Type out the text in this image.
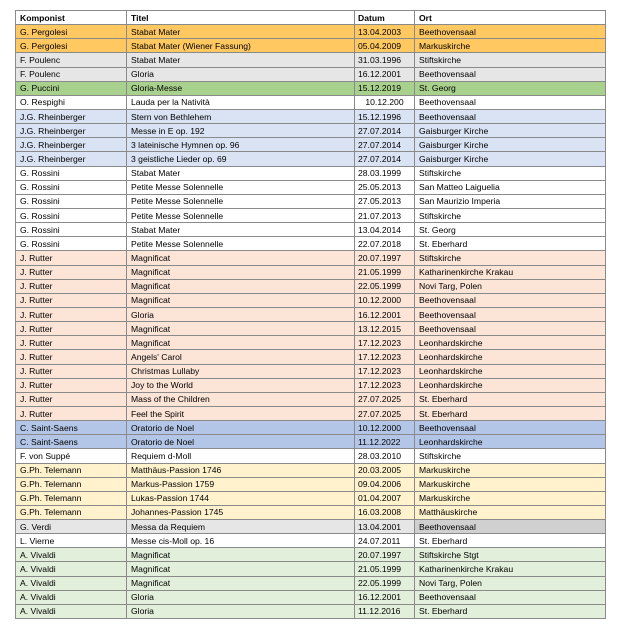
Komponist	Titel	Datum	Ort
G. Pergolesi	Stabat Mater	13.04.2003	Beethovensaal
G. Pergolesi	Stabat Mater (Wiener Fassung)	05.04.2009	Markuskirche
F. Poulenc	Stabat Mater	31.03.1996	Stiftskirche
F. Poulenc	Gloria	16.12.2001	Beethovensaal
G. Puccini	Gloria-Messe	15.12.2019	St. Georg
O. Respighi	Lauda per la Natività	10.12.200	Beethovensaal
J.G. Rheinberger	Stern von Bethlehem	15.12.1996	Beethovensaal
J.G. Rheinberger	Messe in E op. 192	27.07.2014	Gaisburger Kirche
J.G. Rheinberger	3 lateinische Hymnen op. 96	27.07.2014	Gaisburger Kirche
J.G. Rheinberger	3 geistliche Lieder op. 69	27.07.2014	Gaisburger Kirche
G. Rossini	Stabat Mater	28.03.1999	Stiftskirche
G. Rossini	Petite Messe Solennelle	25.05.2013	San Matteo Laiguelia
G. Rossini	Petite Messe Solennelle	27.05.2013	San Maurizio Imperia
G. Rossini	Petite Messe Solennelle	21.07.2013	Stiftskirche
G. Rossini	Stabat Mater	13.04.2014	St. Georg
G. Rossini	Petite Messe Solennelle	22.07.2018	St. Eberhard
J. Rutter	Magnificat	20.07.1997	Stiftskirche
J. Rutter	Magnificat	21.05.1999	Katharinenkirche Krakau
J. Rutter	Magnificat	22.05.1999	Novi Targ, Polen
J. Rutter	Magnificat	10.12.2000	Beethovensaal
J. Rutter	Gloria	16.12.2001	Beethovensaal
J. Rutter	Magnificat	13.12.2015	Beethovensaal
J. Rutter	Magnificat	17.12.2023	Leonhardskirche
J. Rutter	Angels' Carol	17.12.2023	Leonhardskirche
J. Rutter	Christmas Lullaby	17.12.2023	Leonhardskirche
J. Rutter	Joy to the World	17.12.2023	Leonhardskirche
J. Rutter	Mass of the Children	27.07.2025	St. Eberhard
J. Rutter	Feel the Spirit	27.07.2025	St. Eberhard
C. Saint-Saens	Oratorio de Noel	10.12.2000	Beethovensaal
C. Saint-Saens	Oratorio de Noel	11.12.2022	Leonhardskirche
F. von Suppé	Requiem d-Moll	28.03.2010	Stiftskirche
G.Ph. Telemann	Matthäus-Passion 1746	20.03.2005	Markuskirche
G.Ph. Telemann	Markus-Passion 1759	09.04.2006	Markuskirche
G.Ph. Telemann	Lukas-Passion 1744	01.04.2007	Markuskirche
G.Ph. Telemann	Johannes-Passion 1745	16.03.2008	Matthäuskirche
G. Verdi	Messa da Requiem	13.04.2001	Beethovensaal
L. Vierne	Messe cis-Moll op. 16	24.07.2011	St. Eberhard
A. Vivaldi	Magnificat	20.07.1997	Stiftskirche Stgt
A. Vivaldi	Magnificat	21.05.1999	Katharinenkirche Krakau
A. Vivaldi	Magnificat	22.05.1999	Novi Targ, Polen
A. Vivaldi	Gloria	16.12.2001	Beethovensaal
A. Vivaldi	Gloria	11.12.2016	St. Eberhard
